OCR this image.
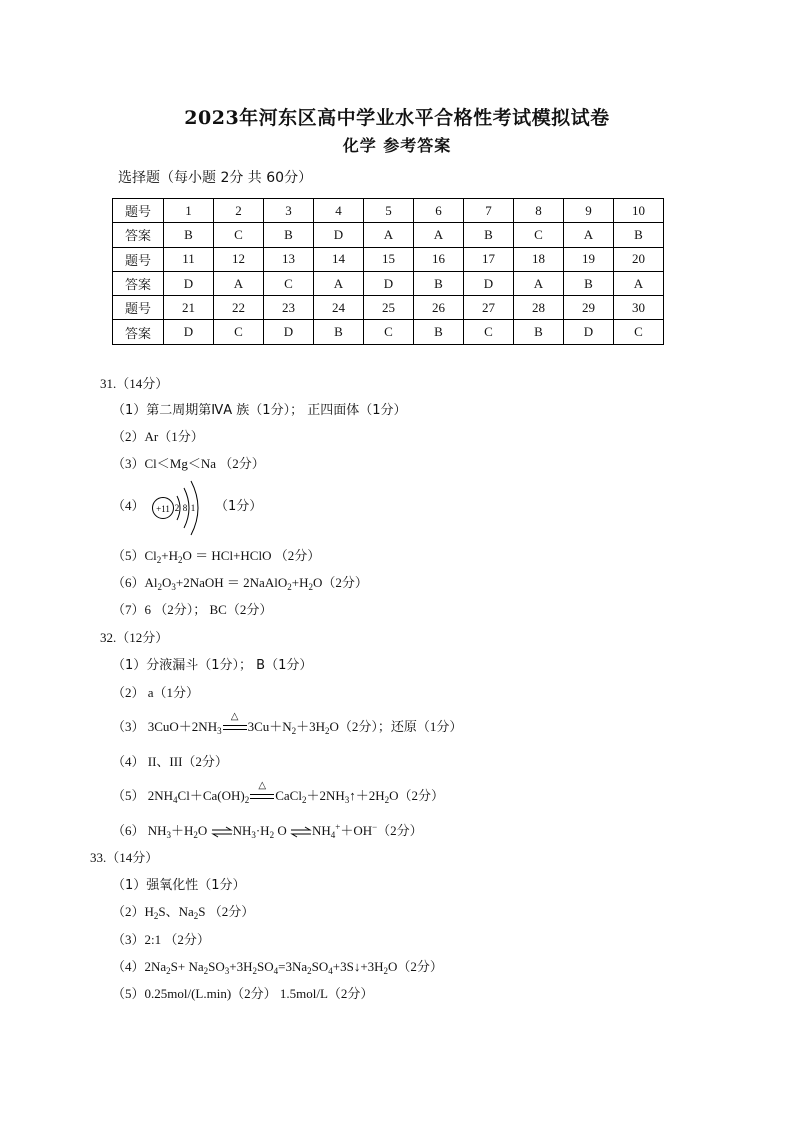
2023年河东区高中学业水平合格性考试模拟试卷
化学 参考答案
选择题（每小题 2分 共 60分）
题号	1	2	3	4	5	6	7	8	9	10
答案	B	C	B	D	A	A	B	C	A	B
题号	11	12	13	14	15	16	17	18	19	20
答案	D	A	C	A	D	B	D	A	B	A
题号	21	22	23	24	25	26	27	28	29	30
答案	D	C	D	B	C	B	C	B	D	C
31.（14分）
（1）第二周期第ⅣA 族（1分）； 正四面体（1分）
（2）Ar（1分）
（3）Cl＜Mg＜Na （2分）
（4） +11 2 8 1 （1分）
$(5)Cl_2+H_2O$ ＝ HCl+HClO （2分）
$(6)Al_2O_3+2NaOH$ ＝ $2NaAlO_2+H_2O(2$分）
（7）6 （2分）； BC（2分）
32.（12分）
（1）分液漏斗（1分）； B（1分）
（2） a（1分）
（3） $3CuO+2NH_3$
△
$3Cu+N_2+3H_2O(2$分）；还原（1分）
（4） II、III（2分）
（5） $2NH_4Cl+Ca(OH)_2$
△
$CaCl_2+2NH_3↑+2H_2O(2$分）
（6） $NH_3+H_2O$ $\rightleftharpoons NH_3\cdot H_2$ O $\rightleftharpoons NH_4^++OH^-(2$分）
33.（14分）
（1）强氧化性（1分）
$(2)H_2S$、$Na_2S$ （2分）
（3）2:1 （2分）
$(4)2Na_2S+$ $Na_2SO_3+3H_2SO_4=3Na_2SO_4+3S↓+3H_2O(2$分）
（5）0.25mol/(L.min)（2分） 1.5mol/L（2分）
